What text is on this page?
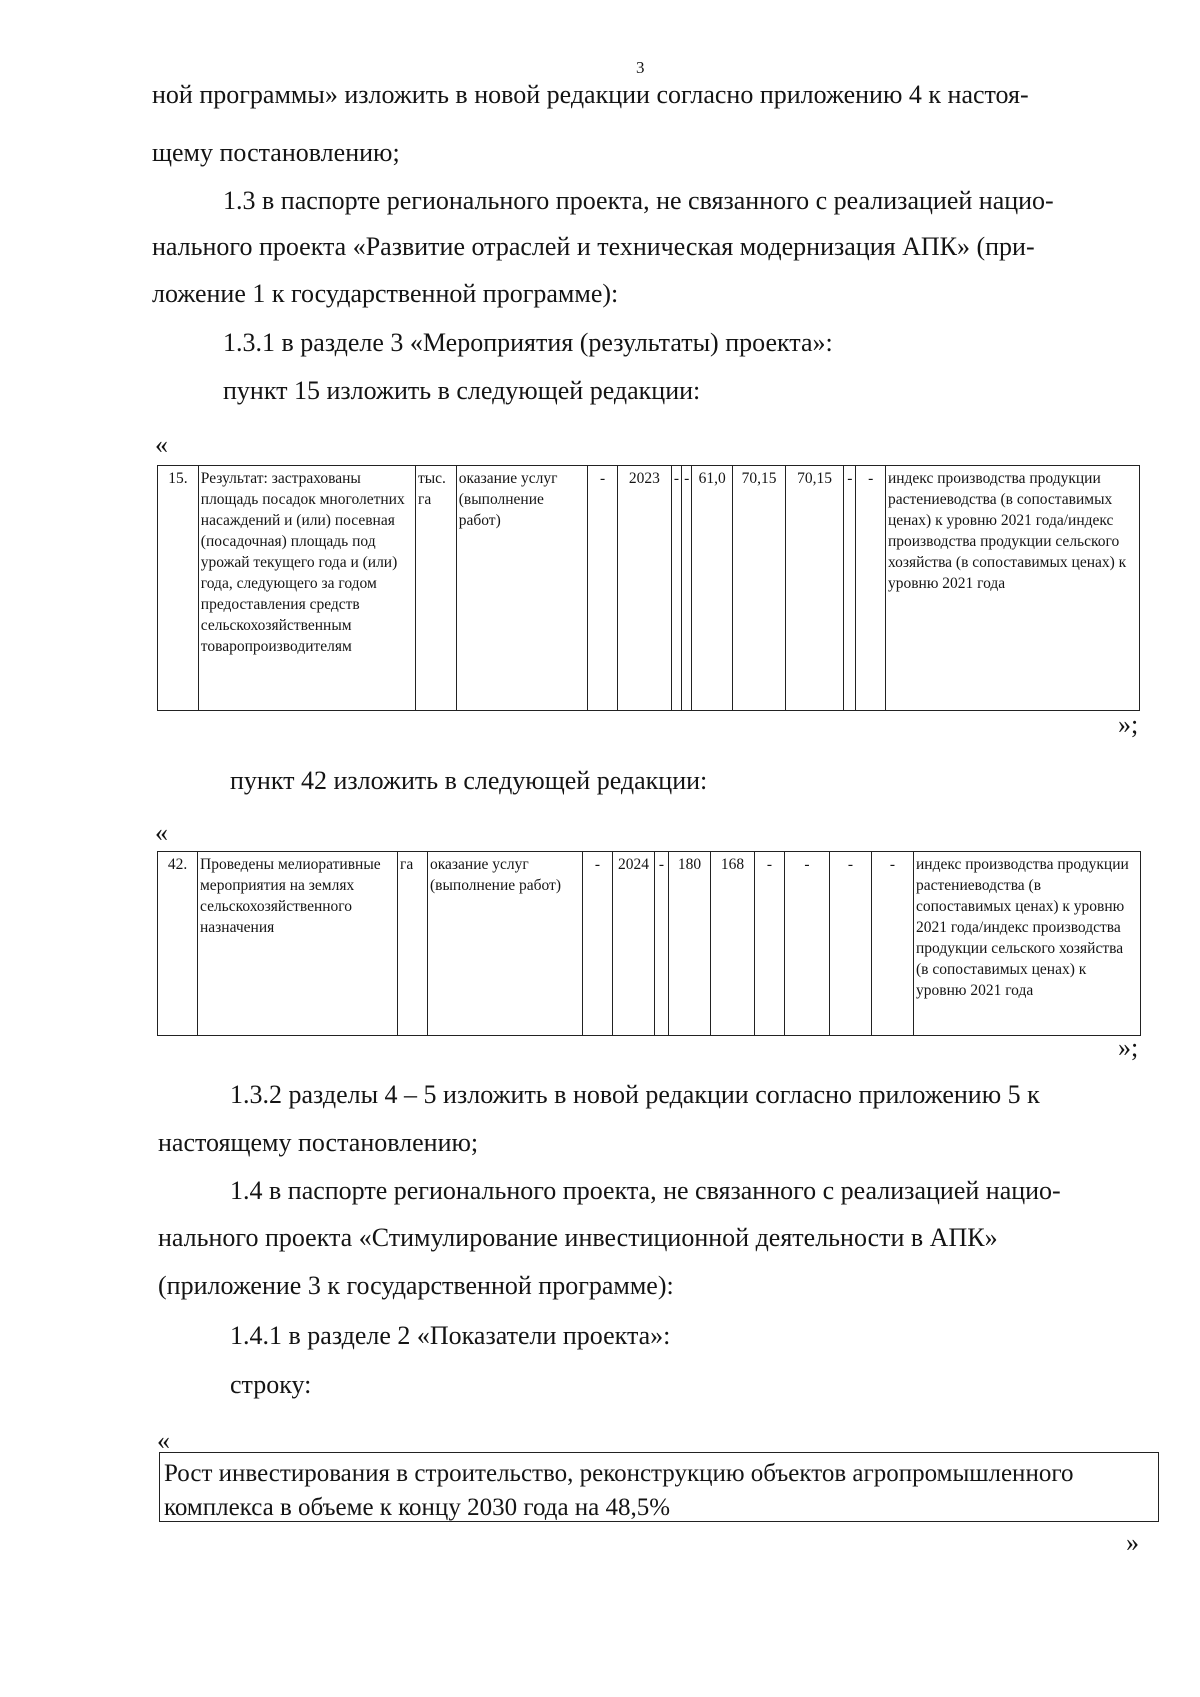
3
ной программы» изложить в новой редакции согласно приложению 4 к настоя-
щему постановлению;
1.3 в паспорте регионального проекта, не связанного с реализацией нацио-
нального проекта «Развитие отраслей и техническая модернизация АПК» (при-
ложение 1 к государственной программе):
1.3.1 в разделе 3 «Мероприятия (результаты) проекта»:
пункт 15 изложить в следующей редакции:
«
15.	Результат: застрахованы площадь посадок многолетних насаждений и (или) посевная (посадочная) площадь под урожай текущего года и (или) года, следующего за годом предоставления средств сельскохозяйственным товаропроизводителям	тыс. га	оказание услуг (выполнение работ)	-	2023	-	-	61,0	70,15	70,15	-	-	индекс производства продукции растениеводства (в сопоставимых ценах) к уровню 2021 года/индекс производства продукции сельского хозяйства (в сопоставимых ценах) к уровню 2021 года
»;
пункт 42 изложить в следующей редакции:
«
42.	Проведены мелиоративные мероприятия на землях сельскохозяйственного назначения	га	оказание услуг (выполнение работ)	-	2024	-	180	168	-	-	-	-	индекс производства продукции растениеводства (в сопоставимых ценах) к уровню 2021 года/индекс производства продукции сельского хозяйства (в сопоставимых ценах) к уровню 2021 года
»;
1.3.2 разделы 4 – 5 изложить в новой редакции согласно приложению 5 к
настоящему постановлению;
1.4 в паспорте регионального проекта, не связанного с реализацией нацио-
нального проекта «Стимулирование инвестиционной деятельности в АПК»
(приложение 3 к государственной программе):
1.4.1 в разделе 2 «Показатели проекта»:
строку:
«
Рост инвестирования в строительство, реконструкцию объектов агропромышленного комплекса в объеме к концу 2030 года на 48,5%
»
